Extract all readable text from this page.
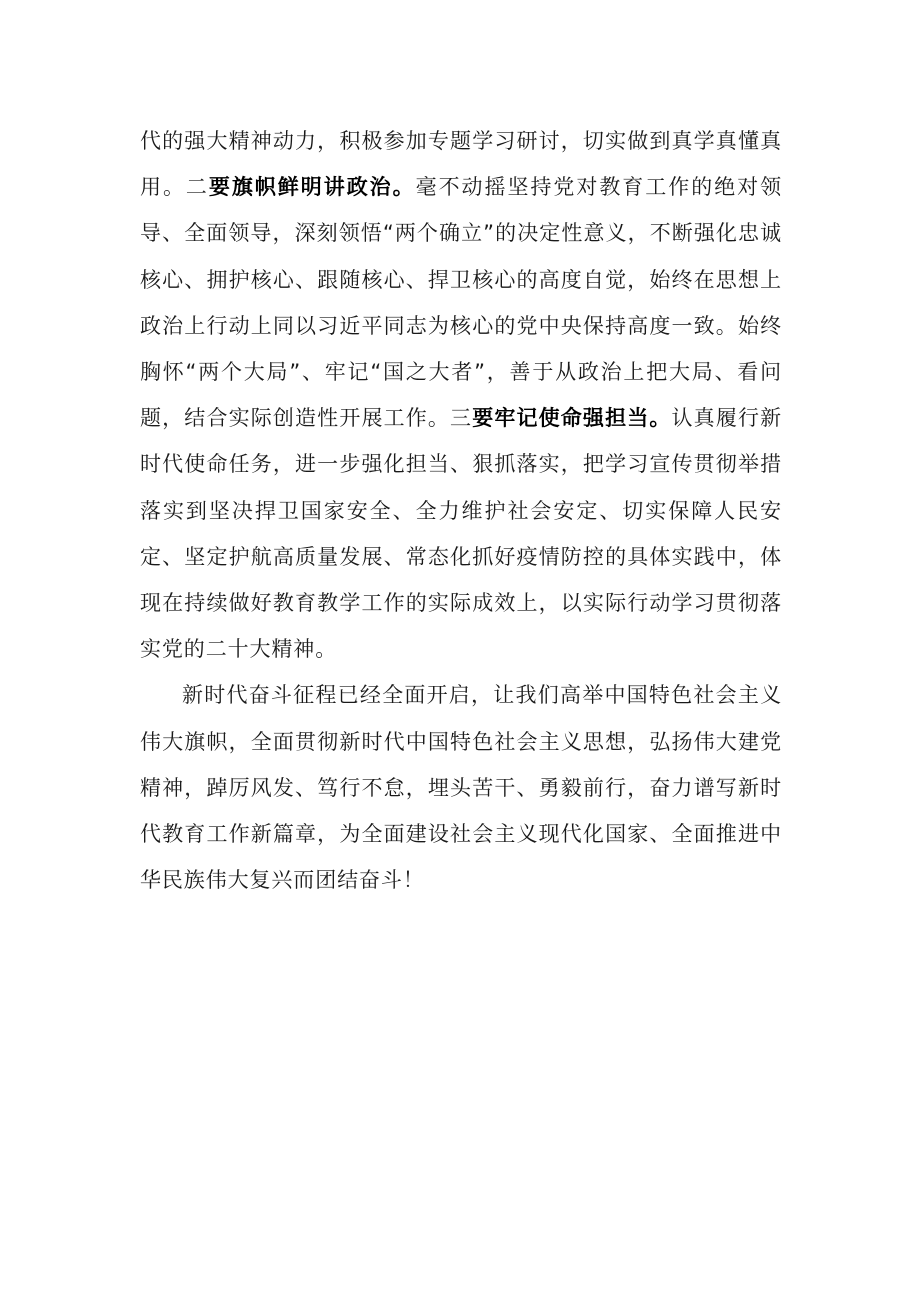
代的强大精神动力，积极参加专题学习研讨，切实做到真学真懂真用。二要旗帜鲜明讲政治。毫不动摇坚持党对教育工作的绝对领导、全面领导，深刻领悟“两个确立”的决定性意义，不断强化忠诚核心、拥护核心、跟随核心、捍卫核心的高度自觉，始终在思想上政治上行动上同以习近平同志为核心的党中央保持高度一致。始终胸怀“两个大局”、牢记“国之大者”，善于从政治上把大局、看问题，结合实际创造性开展工作。三要牢记使命强担当。认真履行新时代使命任务，进一步强化担当、狠抓落实，把学习宣传贯彻举措落实到坚决捍卫国家安全、全力维护社会安定、切实保障人民安定、坚定护航高质量发展、常态化抓好疫情防控的具体实践中，体现在持续做好教育教学工作的实际成效上，以实际行动学习贯彻落实党的二十大精神。

新时代奋斗征程已经全面开启，让我们高举中国特色社会主义伟大旗帜，全面贯彻新时代中国特色社会主义思想，弘扬伟大建党精神，踔厉风发、笃行不怠，埋头苦干、勇毅前行，奋力谱写新时代教育工作新篇章，为全面建设社会主义现代化国家、全面推进中华民族伟大复兴而团结奋斗！
